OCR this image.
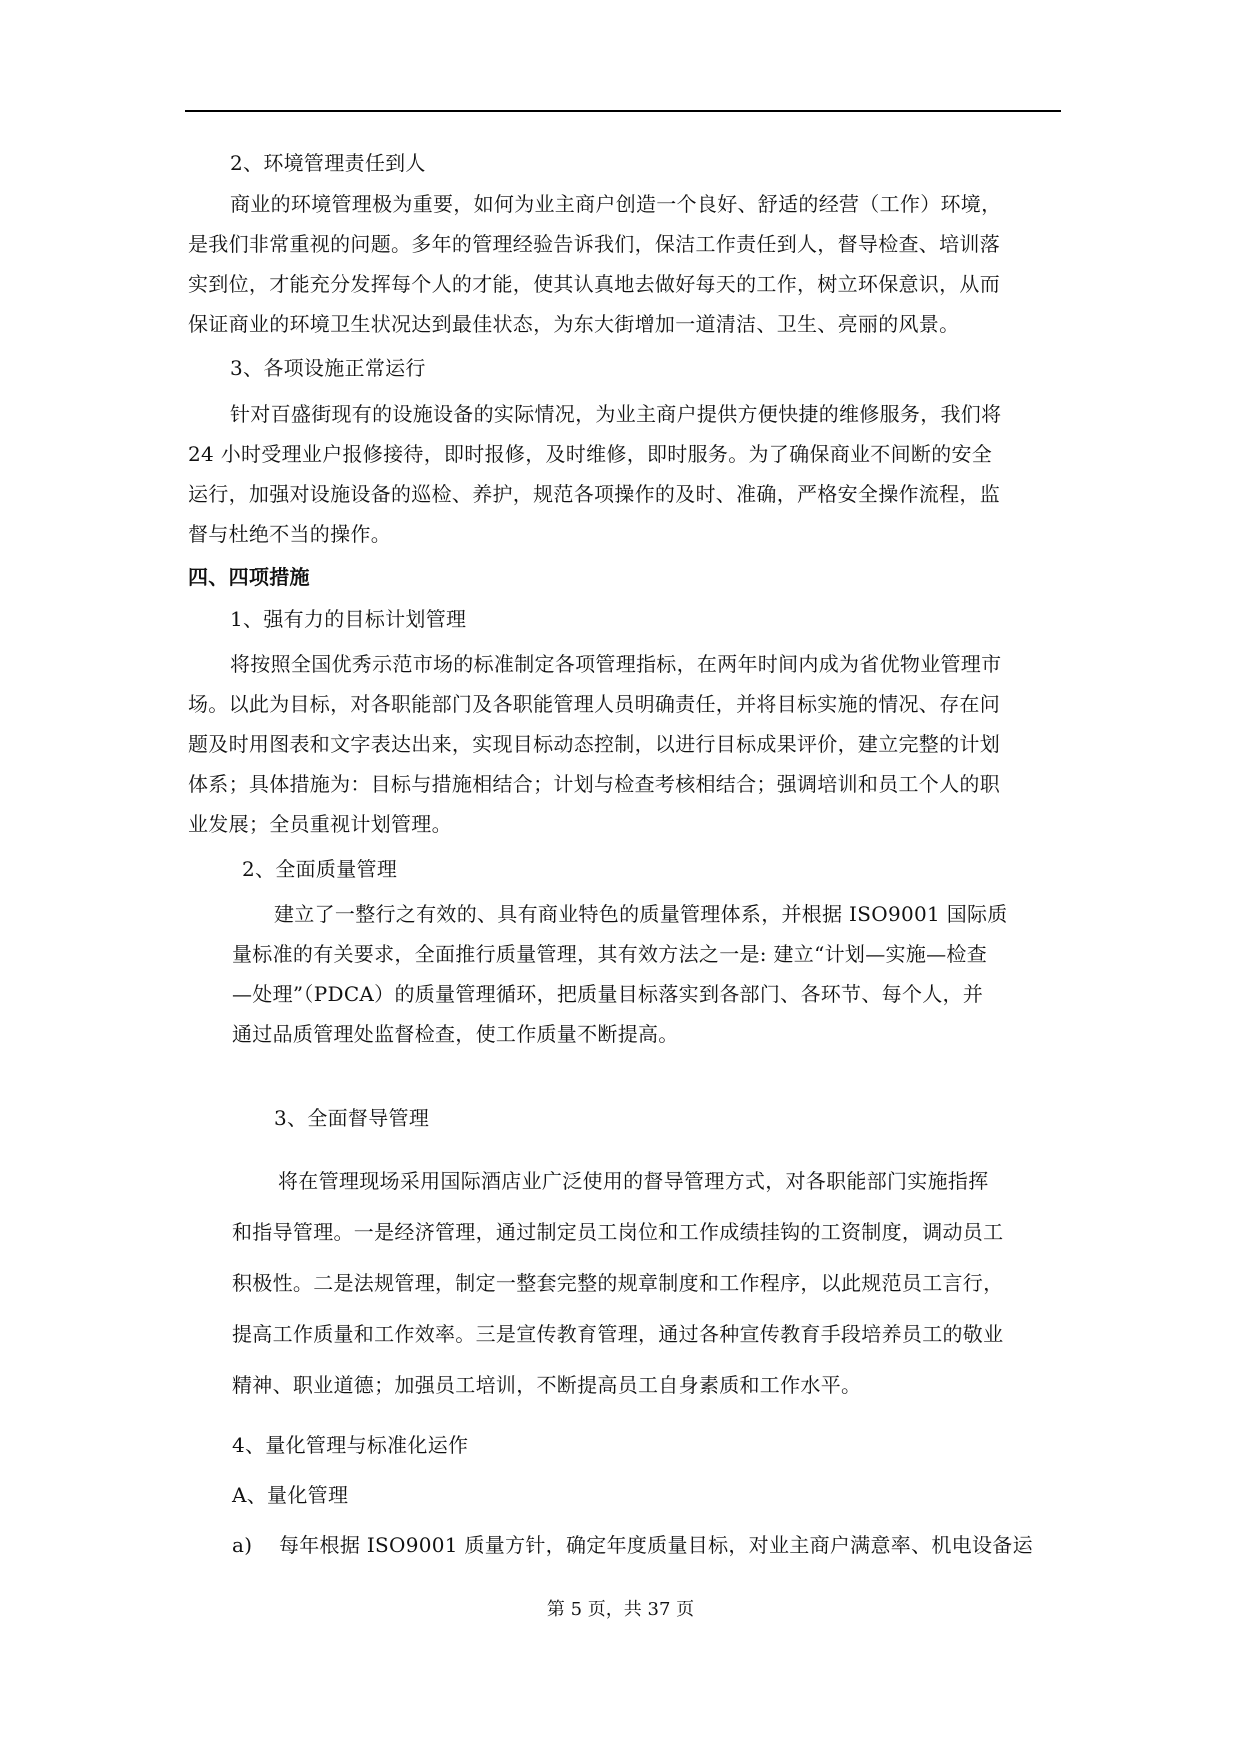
2、环境管理责任到人

商业的环境管理极为重要，如何为业主商户创造一个良好、舒适的经营（工作）环境，

是我们非常重视的问题。多年的管理经验告诉我们，保洁工作责任到人，督导检查、培训落

实到位，才能充分发挥每个人的才能，使其认真地去做好每天的工作，树立环保意识，从而

保证商业的环境卫生状况达到最佳状态，为东大街增加一道清洁、卫生、亮丽的风景。

3、各项设施正常运行

针对百盛街现有的设施设备的实际情况，为业主商户提供方便快捷的维修服务，我们将

24 小时受理业户报修接待，即时报修，及时维修，即时服务。为了确保商业不间断的安全

运行，加强对设施设备的巡检、养护，规范各项操作的及时、准确，严格安全操作流程，监

督与杜绝不当的操作。

四、四项措施

1、强有力的目标计划管理

将按照全国优秀示范市场的标准制定各项管理指标，在两年时间内成为省优物业管理市

场。以此为目标，对各职能部门及各职能管理人员明确责任，并将目标实施的情况、存在问

题及时用图表和文字表达出来，实现目标动态控制，以进行目标成果评价，建立完整的计划

体系；具体措施为：目标与措施相结合；计划与检查考核相结合；强调培训和员工个人的职

业发展；全员重视计划管理。

2、全面质量管理

建立了一整行之有效的、具有商业特色的质量管理体系，并根据 ISO9001 国际质

量标准的有关要求，全面推行质量管理，其有效方法之一是: 建立“计划—实施—检查

—处理”（PDCA）的质量管理循环，把质量目标落实到各部门、各环节、每个人，并

通过品质管理处监督检查，使工作质量不断提高。

3、全面督导管理

将在管理现场采用国际酒店业广泛使用的督导管理方式，对各职能部门实施指挥

和指导管理。一是经济管理，通过制定员工岗位和工作成绩挂钩的工资制度，调动员工

积极性。二是法规管理，制定一整套完整的规章制度和工作程序，以此规范员工言行，

提高工作质量和工作效率。三是宣传教育管理，通过各种宣传教育手段培养员工的敬业

精神、职业道德；加强员工培训，不断提高员工自身素质和工作水平。

4、量化管理与标准化运作

A、量化管理

a)    每年根据 ISO9001 质量方针，确定年度质量目标，对业主商户满意率、机电设备运

第 5 页，共 37 页
